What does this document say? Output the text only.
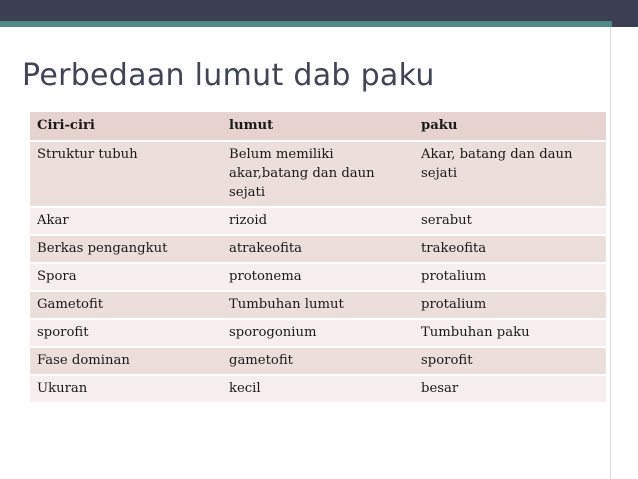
Perbedaan lumut dab paku
Ciri-ciri	lumut	paku
Struktur tubuh	Belum memiliki akar,batang dan daun sejati	Akar, batang dan daun sejati
Akar	rizoid	serabut
Berkas pengangkut	atrakeofita	trakeofita
Spora	protonema	protalium
Gametofit	Tumbuhan lumut	protalium
sporofit	sporogonium	Tumbuhan paku
Fase dominan	gametofit	sporofit
Ukuran	kecil	besar
